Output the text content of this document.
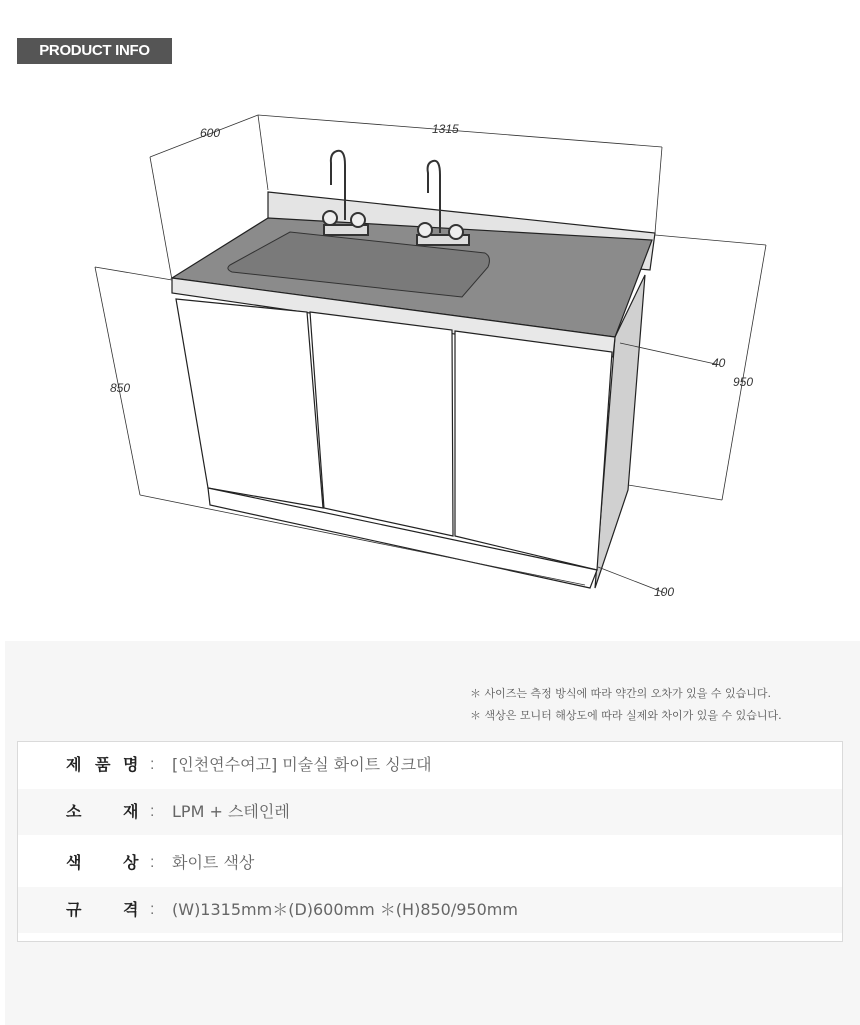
PRODUCT INFO
1315
600
850	950
40
100
＊ 사이즈는 측정 방식에 따라 약간의 오차가 있을 수 있습니다.
＊ 색상은 모니터 해상도에 따라 실제와 차이가 있을 수 있습니다.
제 품 명 : [인천연수여고] 미술실 화이트 싱크대
소	재 : LPM + 스테인레
색	상 : 화이트 색상
규	격 : (W)1315mm＊(D)600mm ＊(H)850/950mm
